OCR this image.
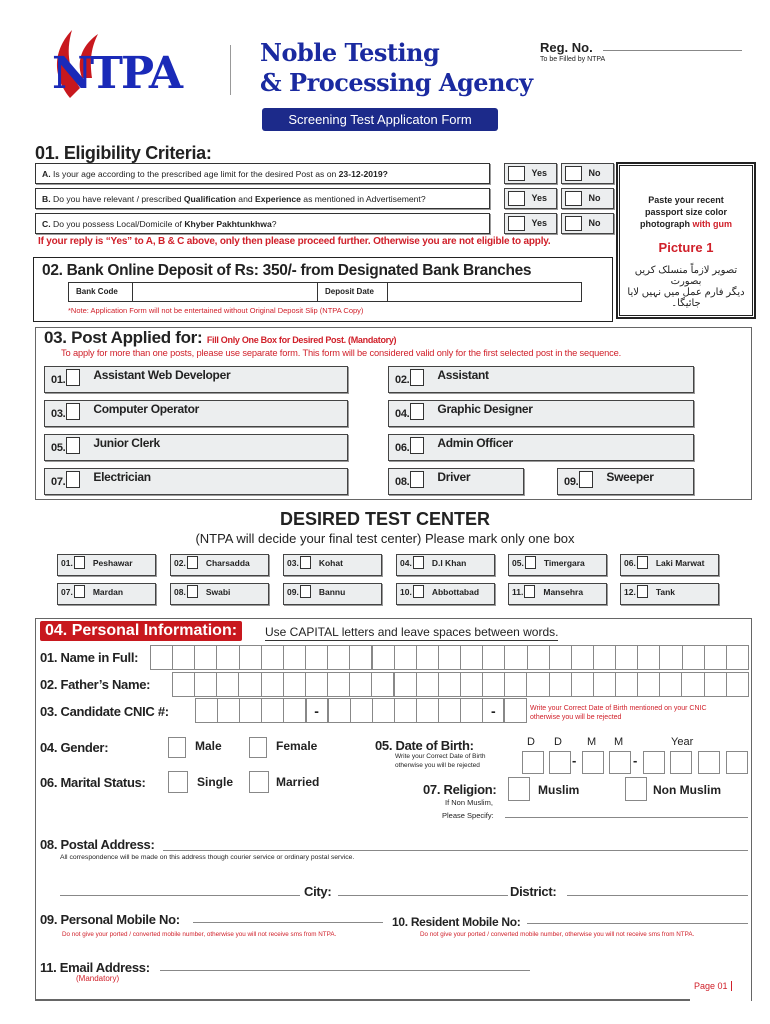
NTPA	Noble Testing
& Processing Agency
Reg. No.
To be Filled by NTPA
Screening Test Applicaton Form
01. Eligibility Criteria:
A. Is your age according to the prescribed age limit for the desired Post as on 23-12-2019?	Yes	No
B. Do you have relevant / prescribed Qualification and Experience as mentioned in Advertisement?	Yes	No
C. Do you possess Local/Domicile of Khyber Pakhtunkhwa?	Yes	No
If your reply is “Yes” to A, B & C above, only then please proceed further. Otherwise you are not eligible to apply.
Paste your recent
passport size color
photograph with gum
Picture 1
تصویر لازماً منسلک کریں بصورت
دیگر فارم عمل میں نہیں لایا جائیگا۔
02. Bank Online Deposit of Rs: 350/- from Designated Bank Branches
Bank Code	Deposit Date
*Note: Application Form will not be entertained without Original Deposit Slip (NTPA Copy)
03. Post Applied for: Fill Only One Box for Desired Post. (Mandatory)
To apply for more than one posts, please use separate form. This form will be considered valid only for the first selected post in the sequence.
01. Assistant Web Developer	02. Assistant
03. Computer Operator	04. Graphic Designer
05. Junior Clerk	06. Admin Officer
07. Electrician	08. Driver	09. Sweeper
DESIRED TEST CENTER
(NTPA will decide your final test center) Please mark only one box
01. Peshawar	02. Charsadda	03. Kohat	04. D.I Khan	05. Timergara	06. Laki Marwat
07. Mardan	08. Swabi	09. Bannu	10. Abbottabad	11. Mansehra	12. Tank
04. Personal Information:	Use CAPITAL letters and leave spaces between words.
01. Name in Full:
02. Father’s Name:
03. Candidate CNIC #:	-	-	Write your Correct Date of Birth mentioned on your CNIC
otherwise you will be rejected
04. Gender:	Male	Female	05. Date of Birth:
Write your Correct Date of Birth
otherwise you will be rejected
D D M M	Year
-	-
06. Marital Status:	Single	Married	07. Religion:	Muslim	Non Muslim
If Non Muslim,
Please Specify:
08. Postal Address:
All correspondence will be made on this address though courier service or ordinary postal service.
City:	District:
09. Personal Mobile No:
Do not give your ported / converted mobile number, otherwise you will not receive sms from NTPA.
10. Resident Mobile No:
Do not give your ported / converted mobile number, otherwise you will not receive sms from NTPA.
11. Email Address:
(Mandatory)
Page 01
